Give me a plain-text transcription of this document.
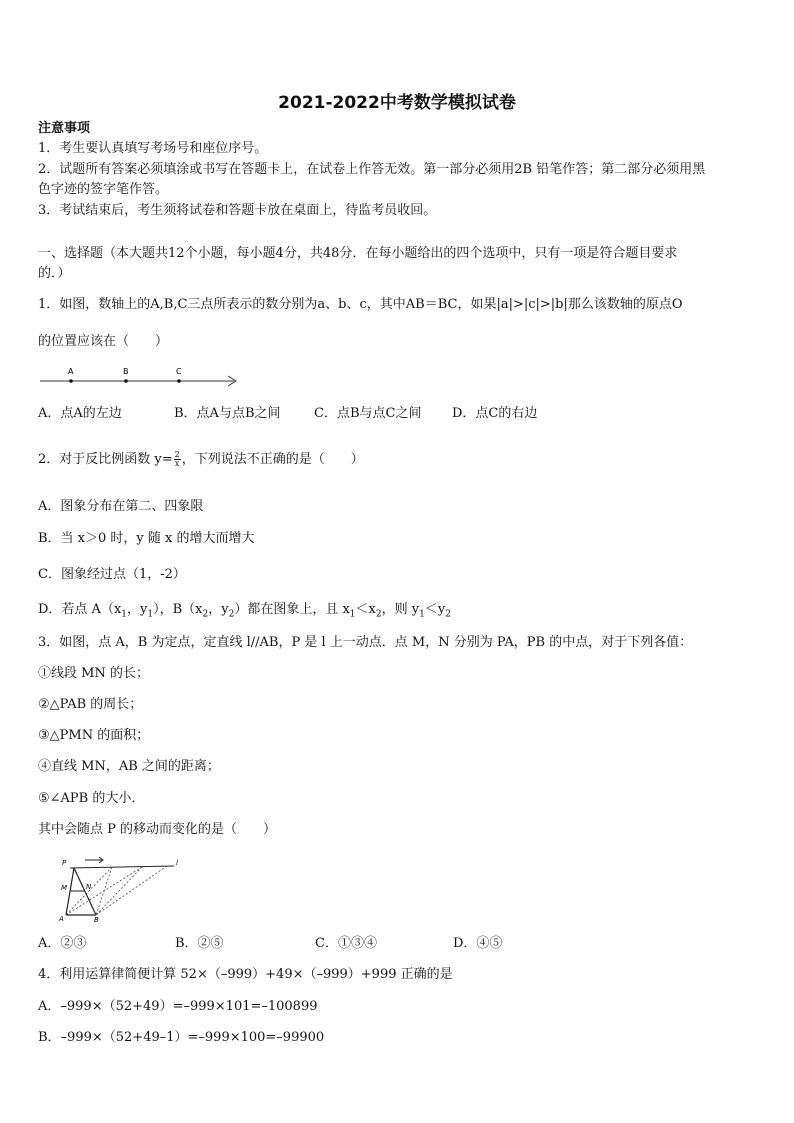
2021-2022中考数学模拟试卷
注意事项
1．考生要认真填写考场号和座位序号。
2．试题所有答案必须填涂或书写在答题卡上，在试卷上作答无效。第一部分必须用2B 铅笔作答；第二部分必须用黑
色字迹的签字笔作答。
3．考试结束后，考生须将试卷和答题卡放在桌面上，待监考员收回。
一、选择题（本大题共12个小题，每小题4分，共48分．在每小题给出的四个选项中，只有一项是符合题目要求
的．）
1．如图，数轴上的A,B,C三点所表示的数分别为a、b、c，其中AB＝BC，如果|a|>|c|>|b|那么该数轴的原点O
的位置应该在（　　）
A	B	C
A．点A的左边	B．点A与点B之间	C．点B与点C之间 D．点C的右边
2．对于反比例函数 $y= \frac{2}{x}$ ，下列说法不正确的是（　　）
A．图象分布在第二、四象限
B．当 x＞0 时，y 随 x 的增大而增大
C．图象经过点（1，-2）
D．若点 $A(x_1$，$y_1$），$B(x_2$，$y_2$）都在图象上，且 $x_1<x_2$，则 $y_1<y_2$
3．如图，点 A，B 为定点，定直线 l//AB，P 是 l 上一动点．点 M，N 分别为 PA，PB 的中点，对于下列各值：
①线段 MN 的长；
②△PAB 的周长；
③△PMN 的面积；
④直线 MN，AB 之间的距离；
⑤∠APB 的大小．
其中会随点 P 的移动而变化的是（　　）
P
M	N
A	B
l
A．②③	B．②⑤	C．①③④	D．④⑤
4．利用运算律简便计算 52×（–999）+49×（–999）+999 正确的是
A．–999×（52+49）=–999×101=–100899
B．–999×（52+49–1）=–999×100=–99900
